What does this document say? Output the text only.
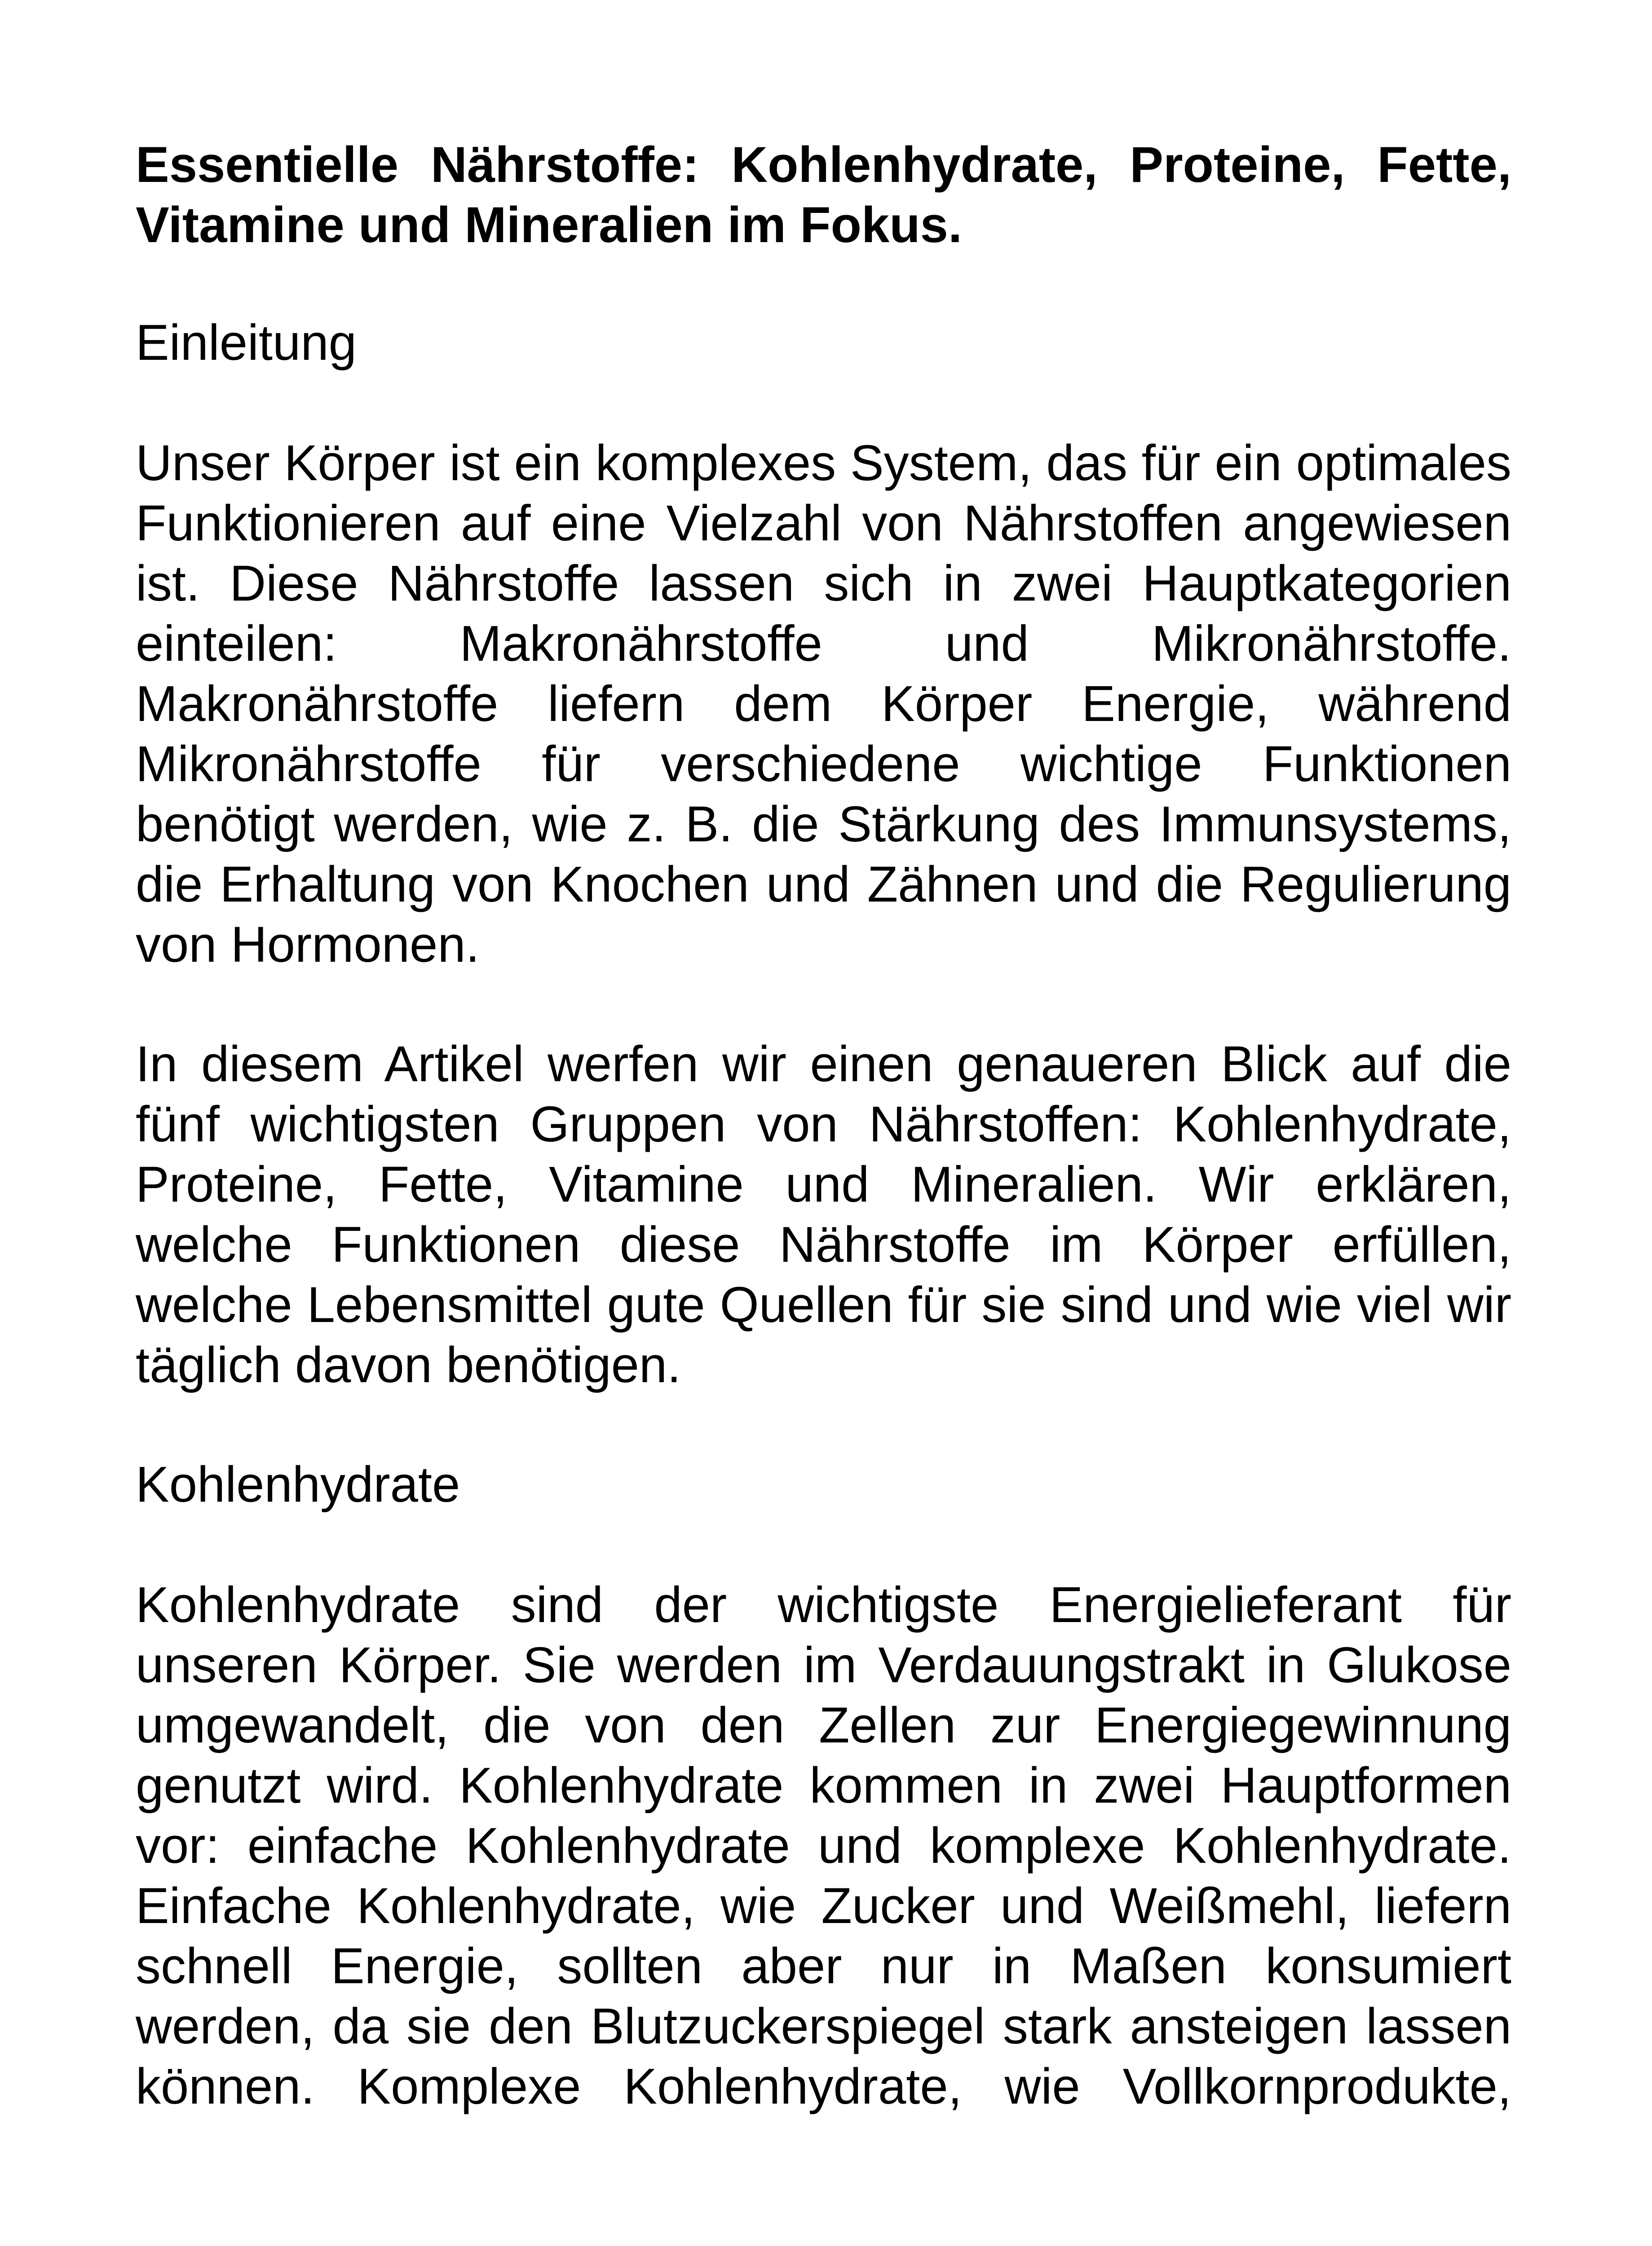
Essentielle Nährstoffe: Kohlenhydrate, Proteine, Fette, Vitamine und Mineralien im Fokus.
Einleitung

Unser Körper ist ein komplexes System, das für ein optimales Funktionieren auf eine Vielzahl von Nährstoffen angewiesen ist. Diese Nährstoffe lassen sich in zwei Hauptkategorien einteilen: Makronährstoffe und Mikronährstoffe. Makronährstoffe liefern dem Körper Energie, während Mikronährstoffe für verschiedene wichtige Funktionen benötigt werden, wie z. B. die Stärkung des Immunsystems, die Erhaltung von Knochen und Zähnen und die Regulierung von Hormonen.

In diesem Artikel werfen wir einen genaueren Blick auf die fünf wichtigsten Gruppen von Nährstoffen: Kohlenhydrate, Proteine, Fette, Vitamine und Mineralien. Wir erklären, welche Funktionen diese Nährstoffe im Körper erfüllen, welche Lebensmittel gute Quellen für sie sind und wie viel wir täglich davon benötigen.

Kohlenhydrate

Kohlenhydrate sind der wichtigste Energielieferant für unseren Körper. Sie werden im Verdauungstrakt in Glukose umgewandelt, die von den Zellen zur Energiegewinnung genutzt wird. Kohlenhydrate kommen in zwei Hauptformen vor: einfache Kohlenhydrate und komplexe Kohlenhydrate. Einfache Kohlenhydrate, wie Zucker und Weißmehl, liefern schnell Energie, sollten aber nur in Maßen konsumiert werden, da sie den Blutzuckerspiegel stark ansteigen lassen können. Komplexe Kohlenhydrate, wie Vollkornprodukte,
